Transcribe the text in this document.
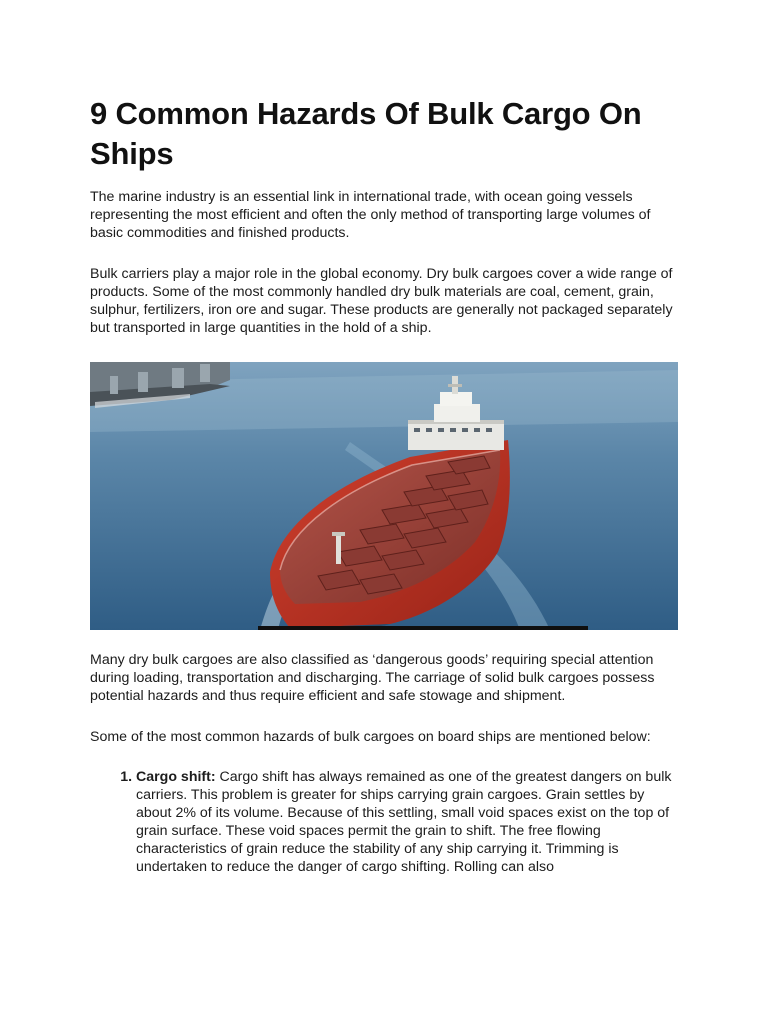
9 Common Hazards Of Bulk Cargo On Ships

The marine industry is an essential link in international trade, with ocean going vessels representing the most efficient and often the only method of transporting large volumes of basic commodities and finished products.

Bulk carriers play a major role in the global economy. Dry bulk cargoes cover a wide range of products. Some of the most commonly handled dry bulk materials are coal, cement, grain, sulphur, fertilizers, iron ore and sugar. These products are generally not packaged separately but transported in large quantities in the hold of a ship.

Many dry bulk cargoes are also classified as ‘dangerous goods’ requiring special attention during loading, transportation and discharging. The carriage of solid bulk cargoes possess potential hazards and thus require efficient and safe stowage and shipment.

Some of the most common hazards of bulk cargoes on board ships are mentioned below:

1. Cargo shift: Cargo shift has always remained as one of the greatest dangers on bulk carriers. This problem is greater for ships carrying grain cargoes. Grain settles by about 2% of its volume. Because of this settling, small void spaces exist on the top of grain surface. These void spaces permit the grain to shift. The free flowing characteristics of grain reduce the stability of any ship carrying it. Trimming is undertaken to reduce the danger of cargo shifting. Rolling can also
